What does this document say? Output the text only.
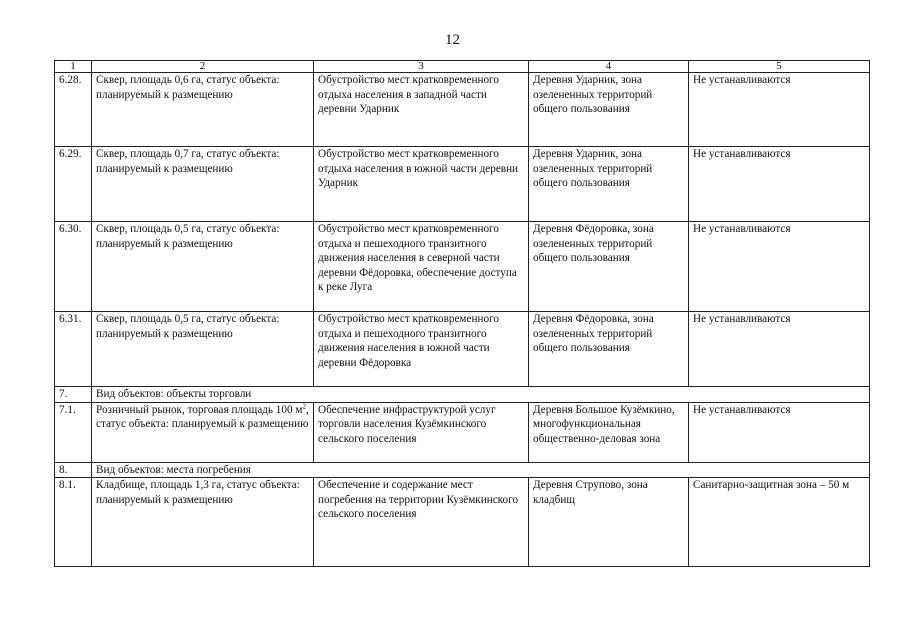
12
1	2	3	4	5
6.28.	Сквер, площадь 0,6 га, статус объекта: планируемый к размещению	Обустройство мест кратковременного отдыха населения в западной части деревни Ударник	Деревня Ударник, зона озелененных территорий общего пользования	Не устанавливаются
6.29.	Сквер, площадь 0,7 га, статус объекта: планируемый к размещению	Обустройство мест кратковременного отдыха населения в южной части деревни Ударник	Деревня Ударник, зона озелененных территорий общего пользования	Не устанавливаются
6.30.	Сквер, площадь 0,5 га, статус объекта: планируемый к размещению	Обустройство мест кратковременного отдыха и пешеходного транзитного движения населения в северной части деревни Фёдоровка, обеспечение доступа к реке Луга	Деревня Фёдоровка, зона озелененных территорий общего пользования	Не устанавливаются
6.31.	Сквер, площадь 0,5 га, статус объекта: планируемый к размещению	Обустройство мест кратковременного отдыха и пешеходного транзитного движения населения в южной части деревни Фёдоровка	Деревня Фёдоровка, зона озелененных территорий общего пользования	Не устанавливаются
7.	Вид объектов: объекты торговли			
7.1.	Розничный рынок, торговая площадь 100 $м^2$, статус объекта: планируемый к размещению	Обеспечение инфраструктурой услуг торговли населения Кузёмкинского сельского поселения	Деревня Большое Кузёмкино, многофункциональная общественно-деловая зона	Не устанавливаются
8.	Вид объектов: места погребения			
8.1.	Кладбище, площадь 1,3 га, статус объекта: планируемый к размещению	Обеспечение и содержание мест погребения на территории Кузёмкинского сельского поселения	Деревня Струпово, зона кладбищ	Санитарно-защитная зона – 50 м
